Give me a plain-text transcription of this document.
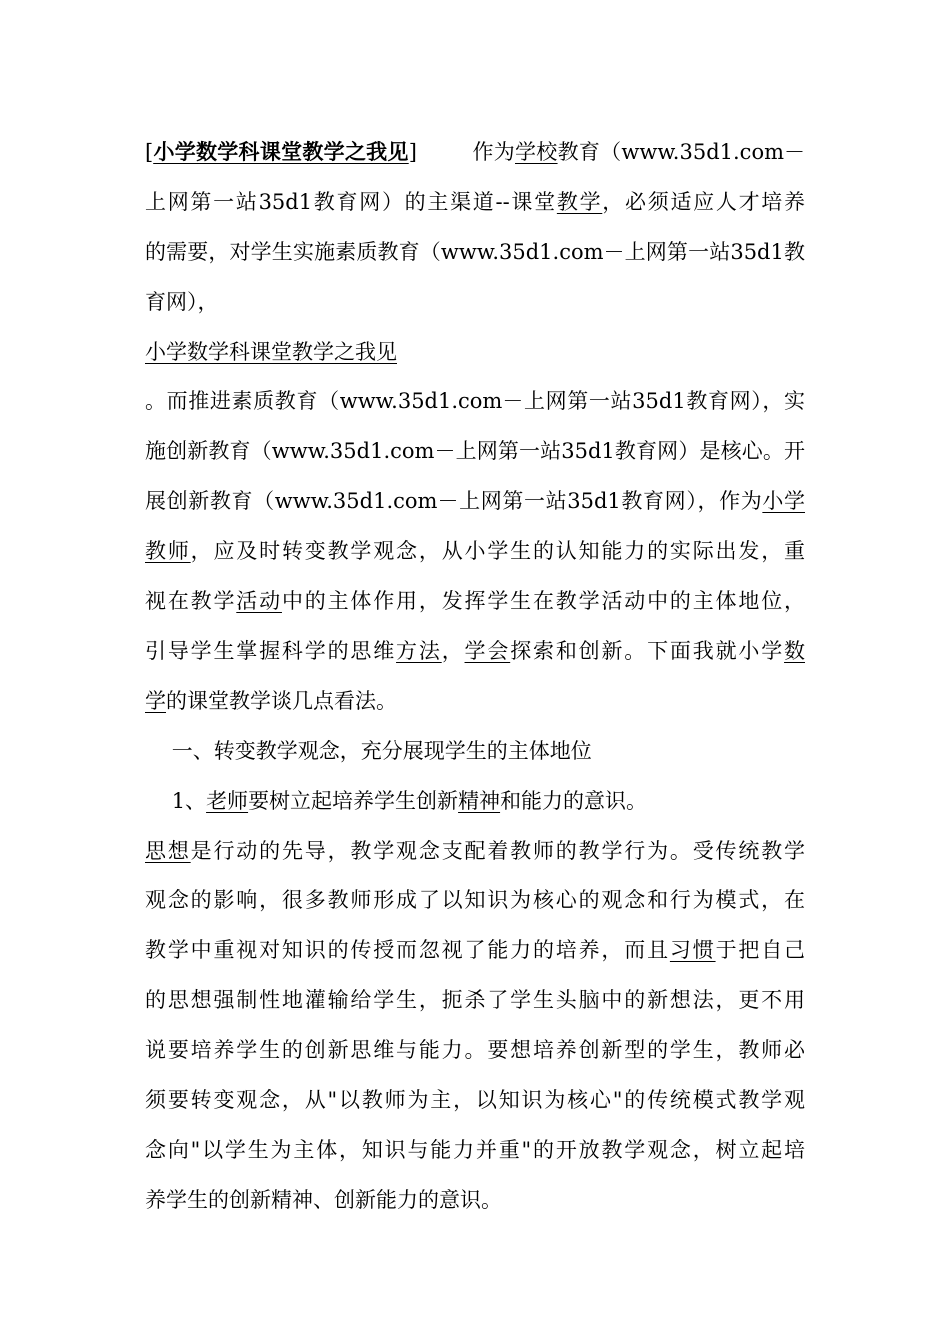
[小学数学科课堂教学之我见]        作为学校教育（www.35d1.com－
上网第一站35d1教育网）的主渠道--课堂教学，必须适应人才培养
的需要，对学生实施素质教育（www.35d1.com－上网第一站35d1教
育网），
小学数学科课堂教学之我见
。而推进素质教育（www.35d1.com－上网第一站35d1教育网），实
施创新教育（www.35d1.com－上网第一站35d1教育网）是核心。开
展创新教育（www.35d1.com－上网第一站35d1教育网），作为小学
教师，应及时转变教学观念，从小学生的认知能力的实际出发，重
视在教学活动中的主体作用，发挥学生在教学活动中的主体地位，
引导学生掌握科学的思维方法，学会探索和创新。下面我就小学数
学的课堂教学谈几点看法。
一、转变教学观念，充分展现学生的主体地位
1、老师要树立起培养学生创新精神和能力的意识。
思想是行动的先导，教学观念支配着教师的教学行为。受传统教学
观念的影响，很多教师形成了以知识为核心的观念和行为模式，在
教学中重视对知识的传授而忽视了能力的培养，而且习惯于把自己
的思想强制性地灌输给学生，扼杀了学生头脑中的新想法，更不用
说要培养学生的创新思维与能力。要想培养创新型的学生，教师必
须要转变观念，从"以教师为主，以知识为核心"的传统模式教学观
念向"以学生为主体，知识与能力并重"的开放教学观念，树立起培
养学生的创新精神、创新能力的意识。
